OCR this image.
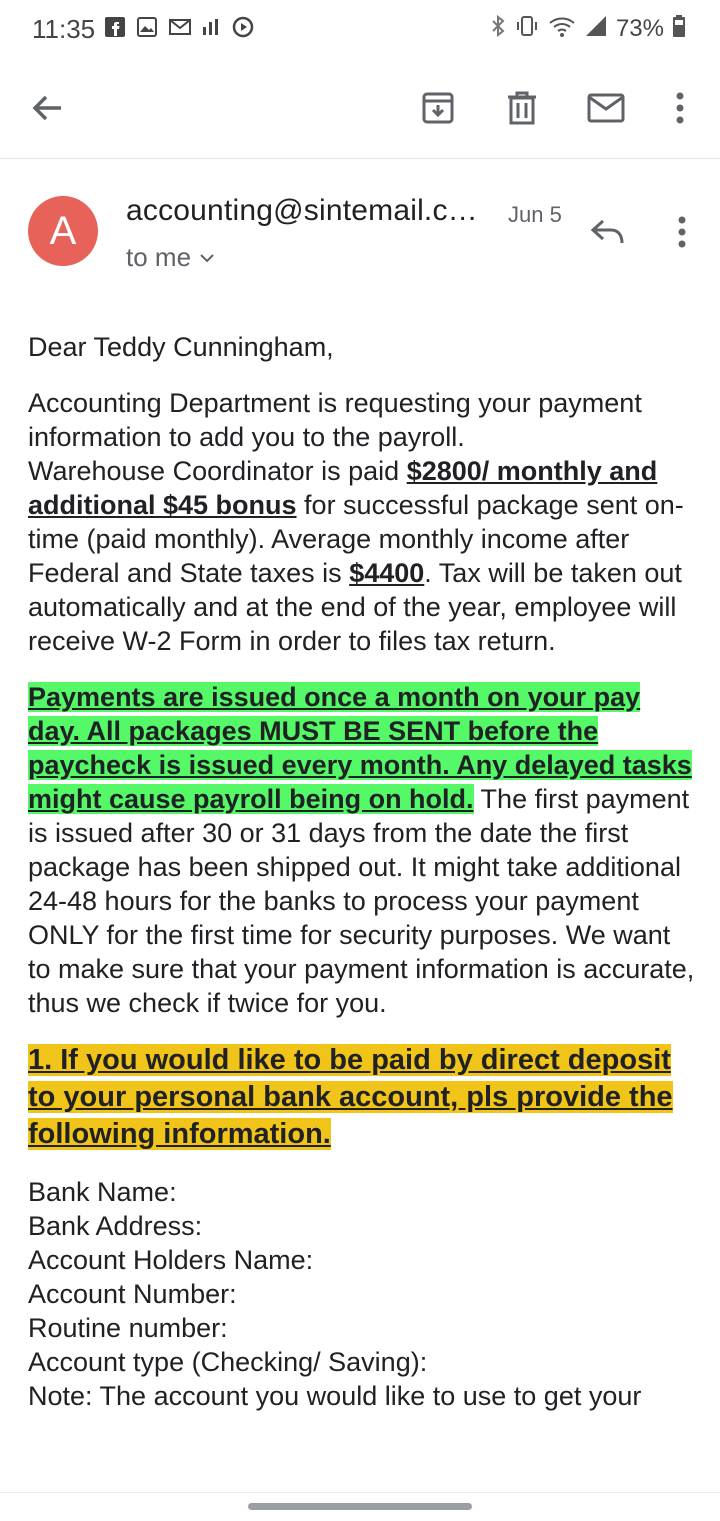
11:35	73%
A	accounting@sintemail.c… Jun 5
to me

Dear Teddy Cunningham,

Accounting Department is requesting your payment information to add you to the payroll.
Warehouse Coordinator is paid $2800/ monthly and additional $45 bonus for successful package sent on-time (paid monthly). Average monthly income after Federal and State taxes is $4400. Tax will be taken out automatically and at the end of the year, employee will receive W-2 Form in order to files tax return.

Payments are issued once a month on your pay day. All packages MUST BE SENT before the paycheck is issued every month. Any delayed tasks might cause payroll being on hold. The first payment is issued after 30 or 31 days from the date the first package has been shipped out. It might take additional 24-48 hours for the banks to process your payment ONLY for the first time for security purposes. We want to make sure that your payment information is accurate, thus we check if twice for you.

1. If you would like to be paid by direct deposit to your personal bank account, pls provide the following information.

Bank Name:

Bank Address:

Account Holders Name:

Account Number:

Routine number:

Account type (Checking/ Saving):

Note: The account you would like to use to get your
